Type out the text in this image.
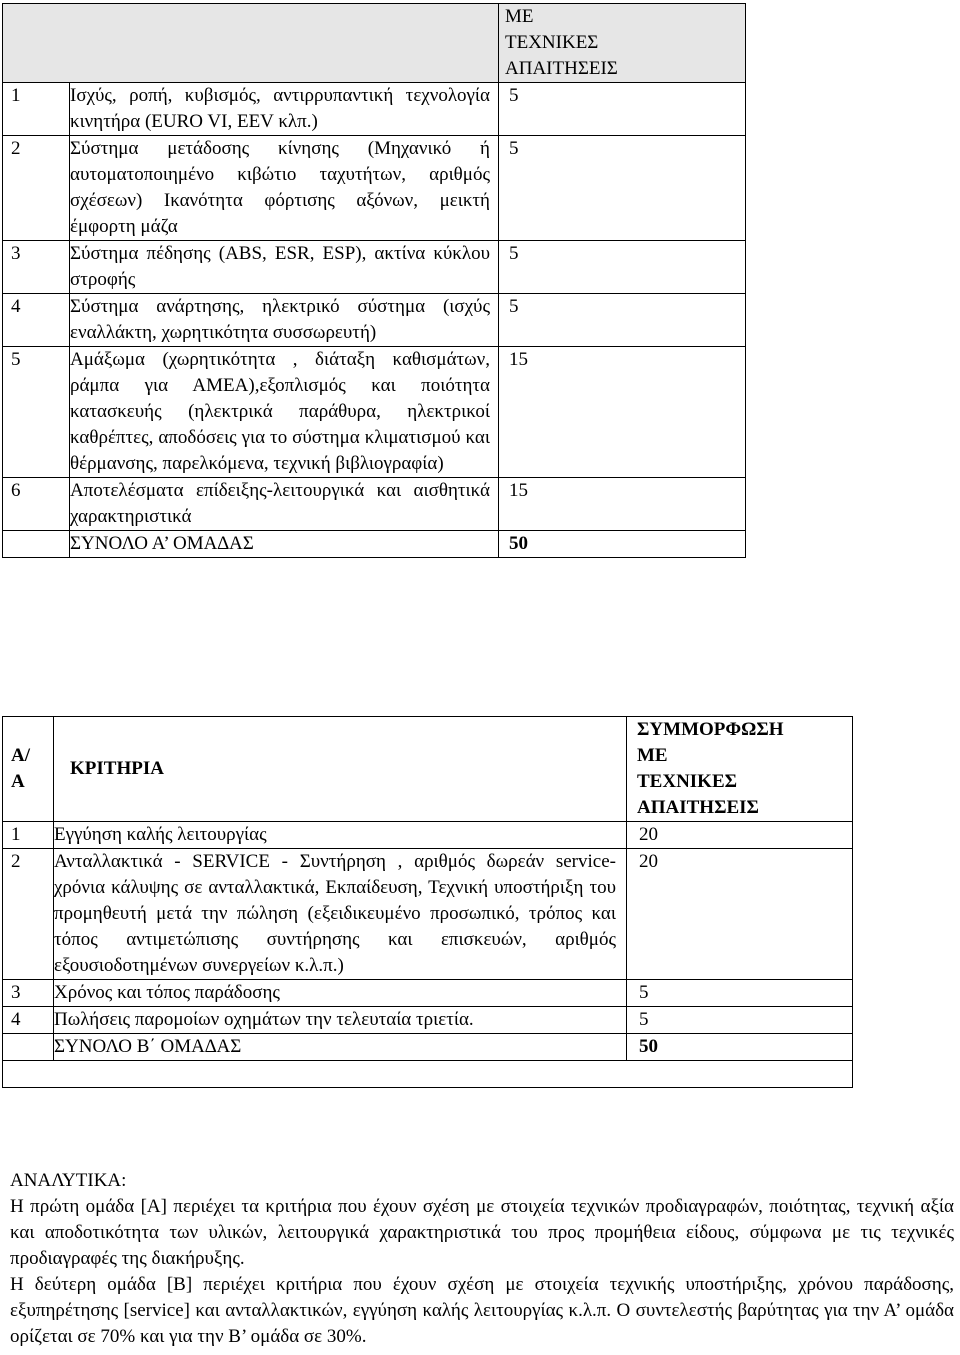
		ΜΕ
ΤΕΧΝΙΚΕΣ
ΑΠΑΙΤΗΣΕΙΣ

1	Ισχύς, ροπή, κυβισμός, αντιρρυπαντική τεχνολογία κινητήρα (EURO VI, EEV κλπ.)	5
2	Σύστημα μετάδοσης κίνησης (Μηχανικό ή αυτοματοποιημένο κιβώτιο ταχυτήτων, αριθμός σχέσεων) Ικανότητα φόρτισης αξόνων, μεικτή έμφορτη μάζα	5
3	Σύστημα πέδησης (ABS, ESR, ESP), ακτίνα κύκλου στροφής	5
4	Σύστημα ανάρτησης, ηλεκτρικό σύστημα (ισχύς εναλλάκτη, χωρητικότητα συσσωρευτή)	5
5	Αμάξωμα (χωρητικότητα , διάταξη καθισμάτων, ράμπα για ΑΜΕΑ),εξοπλισμός και ποιότητα κατασκευής (ηλεκτρικά παράθυρα, ηλεκτρικοί καθρέπτες, αποδόσεις για το σύστημα κλιματισμού και θέρμανσης, παρελκόμενα, τεχνική βιβλιογραφία)	15
6	Αποτελέσματα επίδειξης-λειτουργικά και αισθητικά χαρακτηριστικά	15
	ΣΥΝΟΛΟ Α’ ΟΜΑ∆ΑΣ	50
Α/
Α	ΚΡΙΤΗΡΙΑ	ΣΥΜΜΟΡΦΩΣΗ
ΜΕ
ΤΕΧΝΙΚΕΣ
ΑΠΑΙΤΗΣΕΙΣ

1	Εγγύηση καλής λειτουργίας	20
2	Ανταλλακτικά - SERVICE - Συντήρηση , αριθμός δωρεάν service- χρόνια κάλυψης σε ανταλλακτικά, Εκπαίδευση, Τεχνική υποστήριξη του προμηθευτή μετά την πώληση (εξειδικευμένο προσωπικό, τρόπος και τόπος αντιμετώπισης συντήρησης και επισκευών, αριθμός εξουσιοδοτημένων συνεργείων κ.λ.π.)	20
3	Χρόνος και τόπος παράδοσης	5
4	Πωλήσεις παρομοίων οχημάτων την τελευταία τριετία.	5
	ΣΥΝΟΛΟ Β΄ ΟΜΑ∆ΑΣ	50

ΑΝΑΛΥΤΙΚΑ:

Η πρώτη ομάδα [Α] περιέχει τα κριτήρια που έχουν σχέση με στοιχεία τεχνικών προδιαγραφών, ποιότητας, τεχνική αξία και αποδοτικότητα των υλικών, λειτουργικά χαρακτηριστικά του προς προμήθεια είδους, σύμφωνα με τις τεχνικές προδιαγραφές της διακήρυξης.

Η δεύτερη ομάδα [Β] περιέχει κριτήρια που έχουν σχέση με στοιχεία τεχνικής υποστήριξης, χρόνου παράδοσης, εξυπηρέτησης [service] και ανταλλακτικών, εγγύηση καλής λειτουργίας κ.λ.π. Ο συντελεστής βαρύτητας για την Α’ ομάδα ορίζεται σε 70% και για την Β’ ομάδα σε 30%.
